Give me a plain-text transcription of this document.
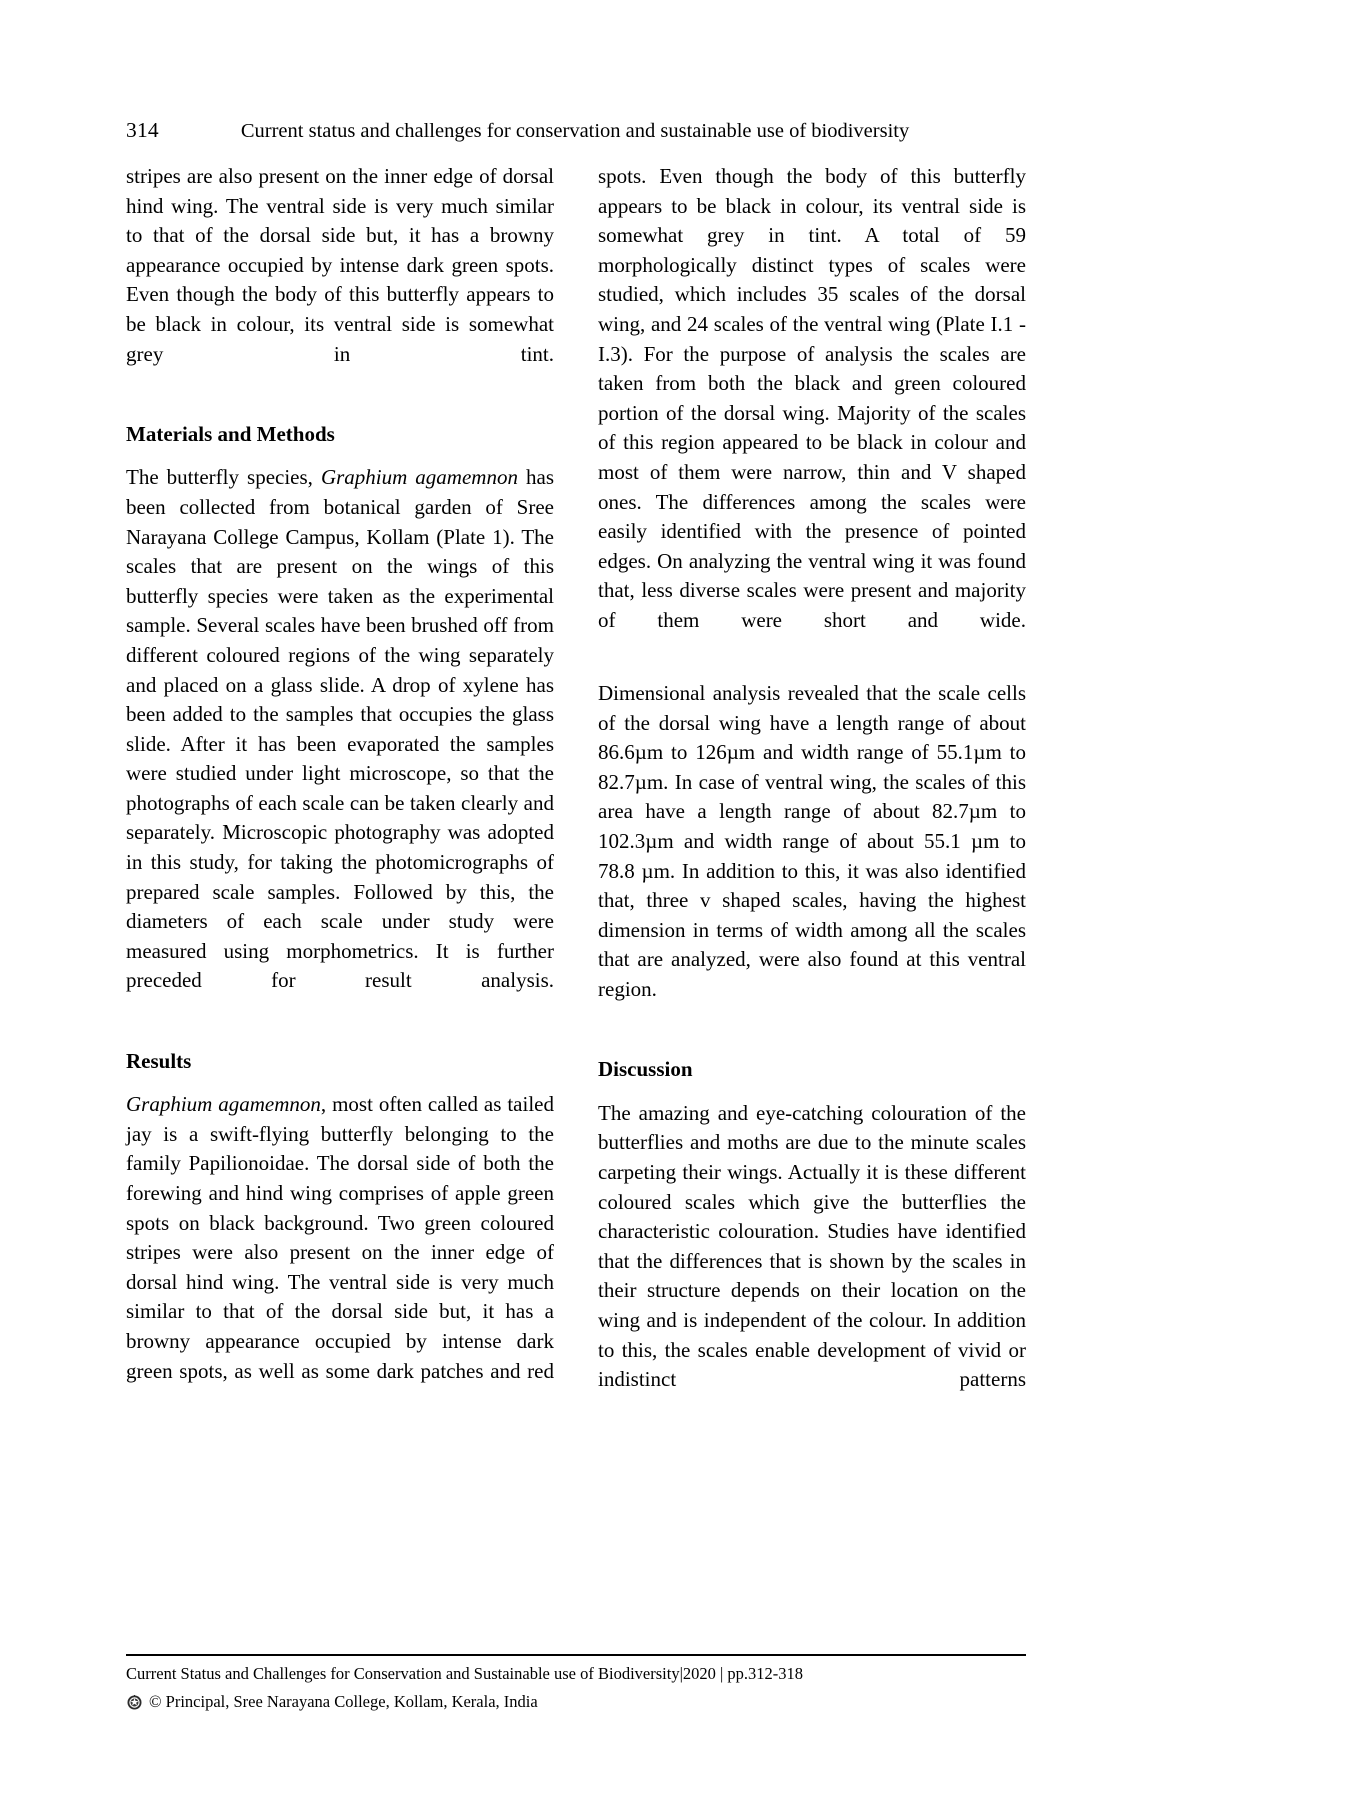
314	Current status and challenges for conservation and sustainable use of biodiversity

stripes are also present on the inner edge of dorsal hind wing. The ventral side is very much similar to that of the dorsal side but, it has a browny appearance occupied by intense dark green spots. Even though the body of this butterfly appears to be black in colour, its ventral side is somewhat grey in tint.

Materials and Methods

The butterfly species, Graphium agamemnon has been collected from botanical garden of Sree Narayana College Campus, Kollam (Plate 1). The scales that are present on the wings of this butterfly species were taken as the experimental sample. Several scales have been brushed off from different coloured regions of the wing separately and placed on a glass slide. A drop of xylene has been added to the samples that occupies the glass slide. After it has been evaporated the samples were studied under light microscope, so that the photographs of each scale can be taken clearly and separately. Microscopic photography was adopted in this study, for taking the photomicrographs of prepared scale samples. Followed by this, the diameters of each scale under study were measured using morphometrics. It is further preceded for result analysis.

Results

Graphium agamemnon, most often called as tailed jay is a swift-flying butterfly belonging to the family Papilionoidae. The dorsal side of both the forewing and hind wing comprises of apple green spots on black background. Two green coloured stripes were also present on the inner edge of dorsal hind wing. The ventral side is very much similar to that of the dorsal side but, it has a browny appearance occupied by intense dark green spots, as well as some dark patches and red

spots. Even though the body of this butterfly appears to be black in colour, its ventral side is somewhat grey in tint. A total of 59 morphologically distinct types of scales were studied, which includes 35 scales of the dorsal wing, and 24 scales of the ventral wing (Plate I.1 - I.3). For the purpose of analysis the scales are taken from both the black and green coloured portion of the dorsal wing. Majority of the scales of this region appeared to be black in colour and most of them were narrow, thin and V shaped ones. The differences among the scales were easily identified with the presence of pointed edges. On analyzing the ventral wing it was found that, less diverse scales were present and majority of them were short and wide.

Dimensional analysis revealed that the scale cells of the dorsal wing have a length range of about 86.6µm to 126µm and width range of 55.1µm to 82.7µm. In case of ventral wing, the scales of this area have a length range of about 82.7µm to 102.3µm and width range of about 55.1 µm to 78.8 µm. In addition to this, it was also identified that, three v shaped scales, having the highest dimension in terms of width among all the scales that are analyzed, were also found at this ventral region.

Discussion

The amazing and eye-catching colouration of the butterflies and moths are due to the minute scales carpeting their wings. Actually it is these different coloured scales which give the butterflies the characteristic colouration. Studies have identified that the differences that is shown by the scales in their structure depends on their location on the wing and is independent of the colour. In addition to this, the scales enable development of vivid or indistinct patterns

Current Status and Challenges for Conservation and Sustainable use of Biodiversity|2020 | pp.312-318
© Principal, Sree Narayana College, Kollam, Kerala, India
